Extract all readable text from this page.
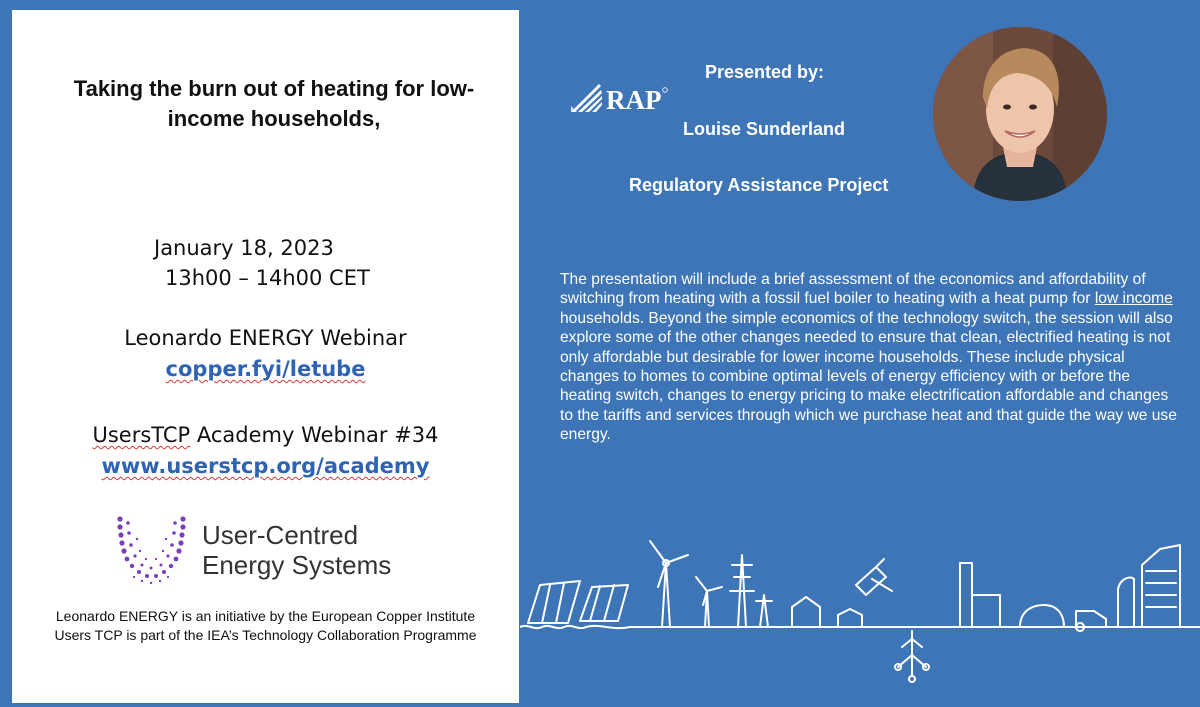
Taking the burn out of heating for low-
income households,
January 18, 2023
13h00 – 14h00 CET
Leonardo ENERGY Webinar
copper.fyi/letube
UsersTCP Academy Webinar #34
www.userstcp.org/academy
User-Centred
Energy Systems
Leonardo ENERGY is an initiative by the European Copper Institute
Users TCP is part of the IEA’s Technology Collaboration Programme
Presented by:
RAP
Louise Sunderland
Regulatory Assistance Project
The presentation will include a brief assessment of the economics and affordability of switching from heating with a fossil fuel boiler to heating with a heat pump for low income households. Beyond the simple economics of the technology switch, the session will also explore some of the other changes needed to ensure that clean, electrified heating is not only affordable but desirable for lower income households. These include physical changes to homes to combine optimal levels of energy efficiency with or before the heating switch, changes to energy pricing to make electrification affordable and changes to the tariffs and services through which we purchase heat and that guide the way we use energy.
